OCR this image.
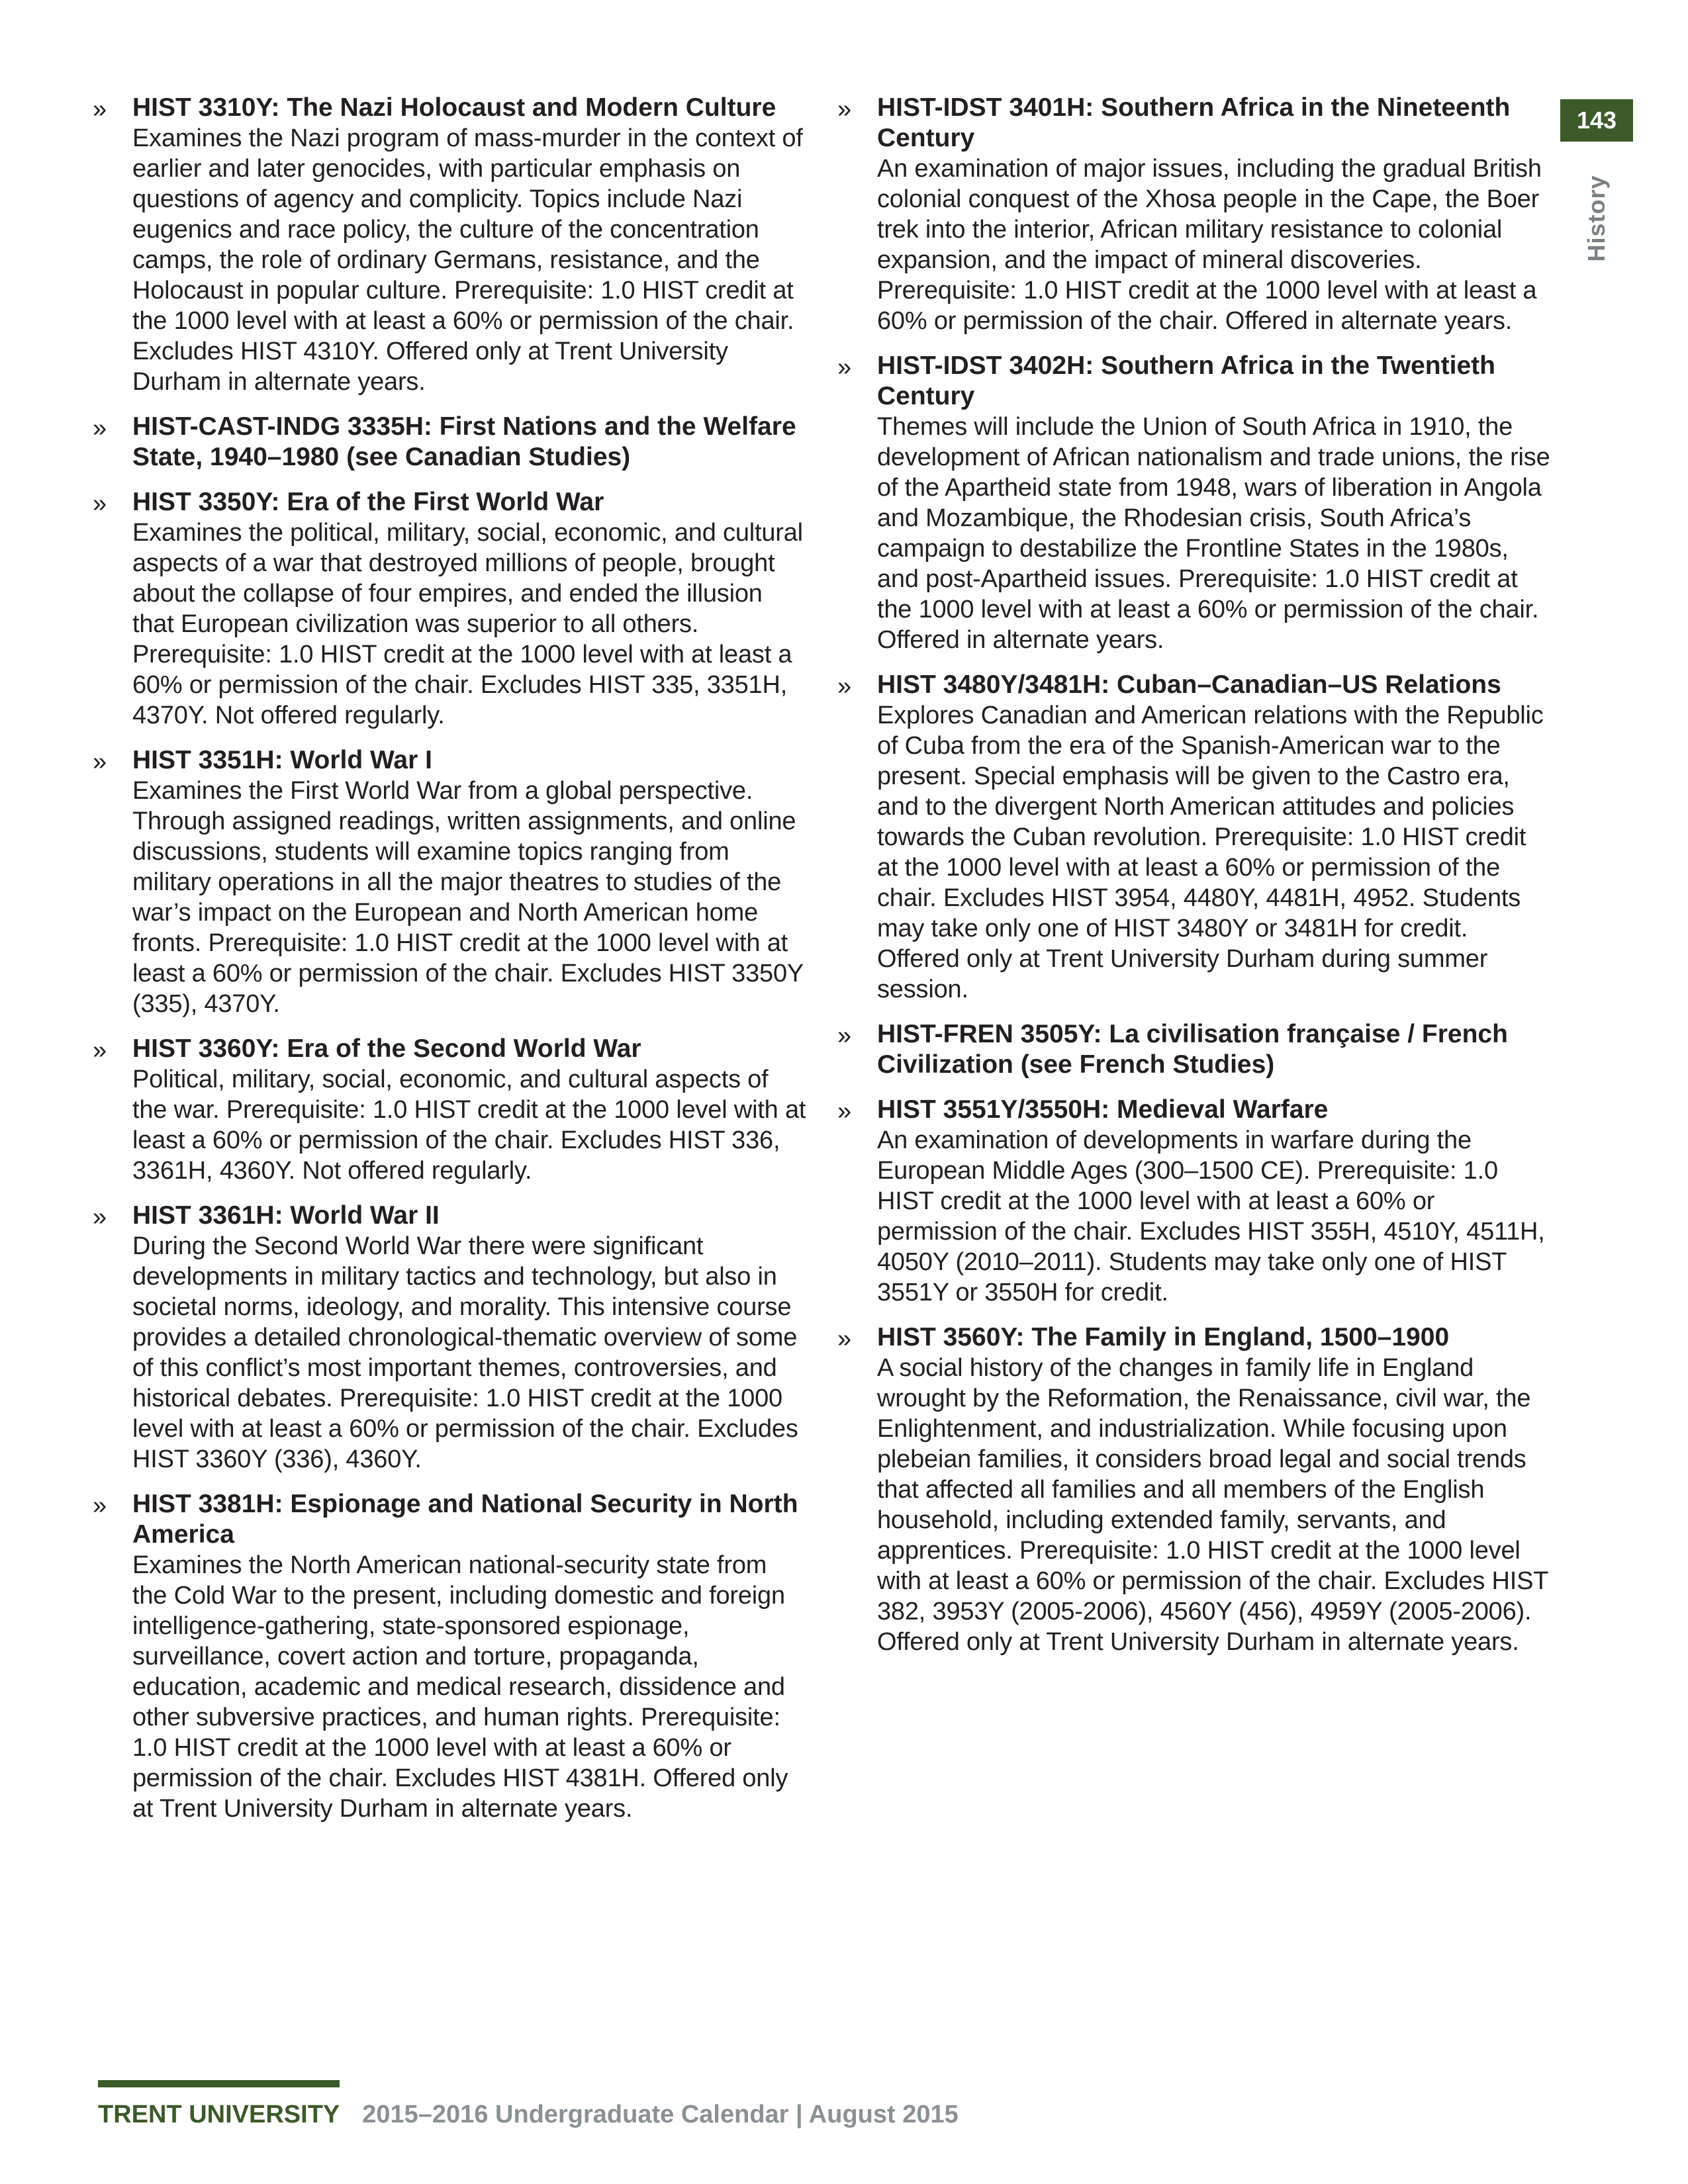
» HIST 3310Y: The Nazi Holocaust and Modern Culture

Examines the Nazi program of mass-murder in the context of earlier and later genocides, with particular emphasis on questions of agency and complicity. Topics include Nazi eugenics and race policy, the culture of the concentration camps, the role of ordinary Germans, resistance, and the Holocaust in popular culture. Prerequisite: 1.0 HIST credit at the 1000 level with at least a 60% or permission of the chair. Excludes HIST 4310Y. Offered only at Trent University Durham in alternate years.

» HIST-CAST-INDG 3335H: First Nations and the Welfare State, 1940–1980 (see Canadian Studies)

» HIST 3350Y: Era of the First World War

Examines the political, military, social, economic, and cultural aspects of a war that destroyed millions of people, brought about the collapse of four empires, and ended the illusion that European civilization was superior to all others. Prerequisite: 1.0 HIST credit at the 1000 level with at least a 60% or permission of the chair. Excludes HIST 335, 3351H, 4370Y. Not offered regularly.

» HIST 3351H: World War I

Examines the First World War from a global perspective. Through assigned readings, written assignments, and online discussions, students will examine topics ranging from military operations in all the major theatres to studies of the war’s impact on the European and North American home fronts. Prerequisite: 1.0 HIST credit at the 1000 level with at least a 60% or permission of the chair. Excludes HIST 3350Y (335), 4370Y.

» HIST 3360Y: Era of the Second World War

Political, military, social, economic, and cultural aspects of the war. Prerequisite: 1.0 HIST credit at the 1000 level with at least a 60% or permission of the chair. Excludes HIST 336, 3361H, 4360Y. Not offered regularly.

» HIST 3361H: World War II

During the Second World War there were significant developments in military tactics and technology, but also in societal norms, ideology, and morality. This intensive course provides a detailed chronological-thematic overview of some of this conflict’s most important themes, controversies, and historical debates. Prerequisite: 1.0 HIST credit at the 1000 level with at least a 60% or permission of the chair. Excludes HIST 3360Y (336), 4360Y.

» HIST 3381H: Espionage and National Security in North America

Examines the North American national-security state from the Cold War to the present, including domestic and foreign intelligence-gathering, state-sponsored espionage, surveillance, covert action and torture, propaganda, education, academic and medical research, dissidence and other subversive practices, and human rights. Prerequisite: 1.0 HIST credit at the 1000 level with at least a 60% or permission of the chair. Excludes HIST 4381H. Offered only at Trent University Durham in alternate years.

» HIST-IDST 3401H: Southern Africa in the Nineteenth Century

An examination of major issues, including the gradual British colonial conquest of the Xhosa people in the Cape, the Boer trek into the interior, African military resistance to colonial expansion, and the impact of mineral discoveries. Prerequisite: 1.0 HIST credit at the 1000 level with at least a 60% or permission of the chair. Offered in alternate years.

» HIST-IDST 3402H: Southern Africa in the Twentieth Century

Themes will include the Union of South Africa in 1910, the development of African nationalism and trade unions, the rise of the Apartheid state from 1948, wars of liberation in Angola and Mozambique, the Rhodesian crisis, South Africa’s campaign to destabilize the Frontline States in the 1980s, and post-Apartheid issues. Prerequisite: 1.0 HIST credit at the 1000 level with at least a 60% or permission of the chair. Offered in alternate years.

» HIST 3480Y/3481H: Cuban–Canadian–US Relations

Explores Canadian and American relations with the Republic of Cuba from the era of the Spanish-American war to the present. Special emphasis will be given to the Castro era, and to the divergent North American attitudes and policies towards the Cuban revolution. Prerequisite: 1.0 HIST credit at the 1000 level with at least a 60% or permission of the chair. Excludes HIST 3954, 4480Y, 4481H, 4952. Students may take only one of HIST 3480Y or 3481H for credit. Offered only at Trent University Durham during summer session.

» HIST-FREN 3505Y: La civilisation française / French Civilization (see French Studies)

» HIST 3551Y/3550H: Medieval Warfare

An examination of developments in warfare during the European Middle Ages (300–1500 CE). Prerequisite: 1.0 HIST credit at the 1000 level with at least a 60% or permission of the chair. Excludes HIST 355H, 4510Y, 4511H, 4050Y (2010–2011). Students may take only one of HIST 3551Y or 3550H for credit.

» HIST 3560Y: The Family in England, 1500–1900

A social history of the changes in family life in England wrought by the Reformation, the Renaissance, civil war, the Enlightenment, and industrialization. While focusing upon plebeian families, it considers broad legal and social trends that affected all families and all members of the English household, including extended family, servants, and apprentices. Prerequisite: 1.0 HIST credit at the 1000 level with at least a 60% or permission of the chair. Excludes HIST 382, 3953Y (2005-2006), 4560Y (456), 4959Y (2005-2006). Offered only at Trent University Durham in alternate years.

143
History
TRENT UNIVERSITY 2015–2016 Undergraduate Calendar | August 2015
